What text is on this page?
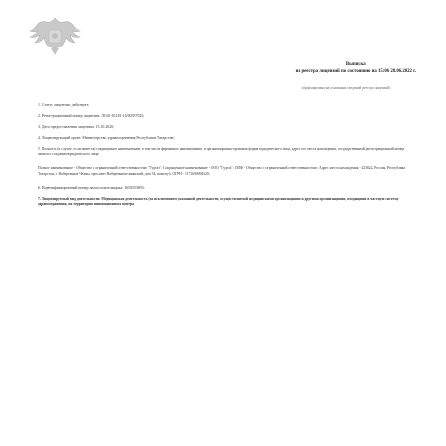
Выписка
из реестра лицензий по состоянию на 15:06 28.06.2022 г.
(сформирована на основании сведений реестра лицензий)
1. Статус лицензии: действует;
2. Регистрационный номер лицензии: ЛО41-01181-16/00357025;
3. Дата предоставления лицензии: 13.10.2020;
4. Лицензирующий орган: Министерство здравоохранения Республики Татарстан;
5. Полное и (в случае, если имеется) сокращенное наименование, в том числе фирменное наименование, и организационно-правовая форма юридического лица, адрес его места нахождения, государственный регистрационный номер записи о создании юридического лица:
Полное наименование - Общество с ограниченной ответственностью "Гудгаз"; Сокращенное наименование - ООО "Гудгаз"; ОПФ - Общество с ограниченной ответственностью; Адрес места нахождения - 423822, Россия, Республика Татарстан, г. Набережные Челны, проспект Набережночелнинский, дом 54, помещ 6; ОГРН - 1171690094520;
6. Идентификационный номер налогоплательщика: 1650353693;
7. Лицензируемый вид деятельности: Медицинская деятельность (за исключением указанной деятельности, осуществляемой медицинскими организациями и другими организациями, входящими в частную систему здравоохранения, на территории инновационного центра
